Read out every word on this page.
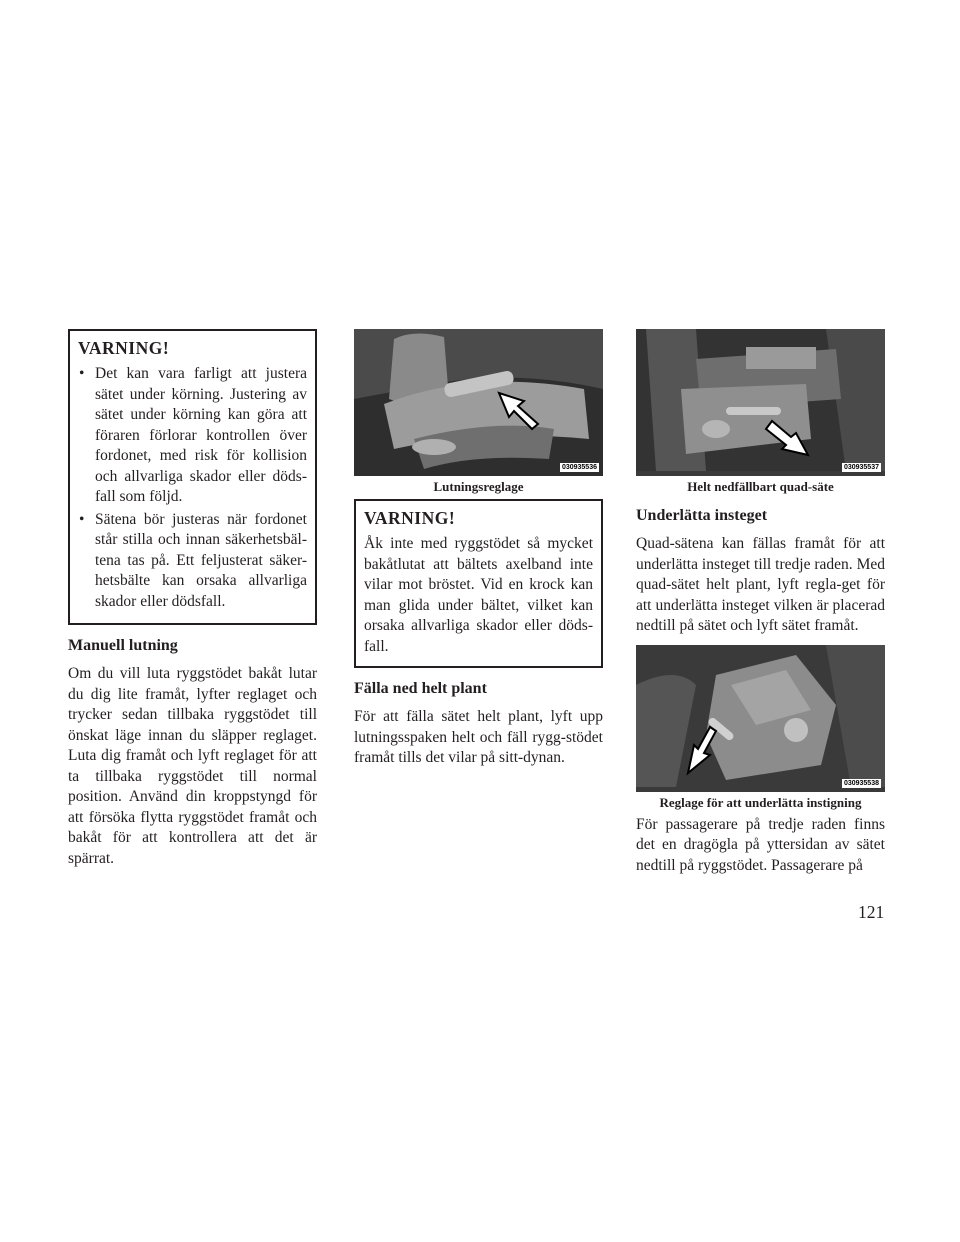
VARNING!
• Det kan vara farligt att justera sätet under körning. Justering av sätet under körning kan göra att föraren förlorar kontrollen över fordonet, med risk för kollision och allvarliga skador eller döds-fall som följd.
• Sätena bör justeras när fordonet står stilla och innan säkerhetsbäl-tena tas på. Ett feljusterat säker-hetsbälte kan orsaka allvarliga skador eller dödsfall.
Manuell lutning

Om du vill luta ryggstödet bakåt lutar du dig lite framåt, lyfter reglaget och trycker sedan tillbaka ryggstödet till önskat läge innan du släpper reglaget. Luta dig framåt och lyft reglaget för att ta tillbaka ryggstödet till normal position. Använd din kroppstyngd för att försöka flytta ryggstödet framåt och bakåt för att kontrollera att det är spärrat.

030935536
Lutningsreglage
VARNING!

Åk inte med ryggstödet så mycket bakåtlutat att bältets axelband inte vilar mot bröstet. Vid en krock kan man glida under bältet, vilket kan orsaka allvarliga skador eller döds-fall.

Fälla ned helt plant

För att fälla sätet helt plant, lyft upp lutningsspaken helt och fäll rygg-stödet framåt tills det vilar på sitt-dynan.

030935537
Helt nedfällbart quad-säte
Underlätta insteget

Quad-sätena kan fällas framåt för att underlätta insteget till tredje raden. Med quad-sätet helt plant, lyft regla-get för att underlätta insteget vilken är placerad nedtill på sätet och lyft sätet framåt.

030935538
Reglage för att underlätta instigning

För passagerare på tredje raden finns det en dragögla på yttersidan av sätet nedtill på ryggstödet. Passagerare på

121
